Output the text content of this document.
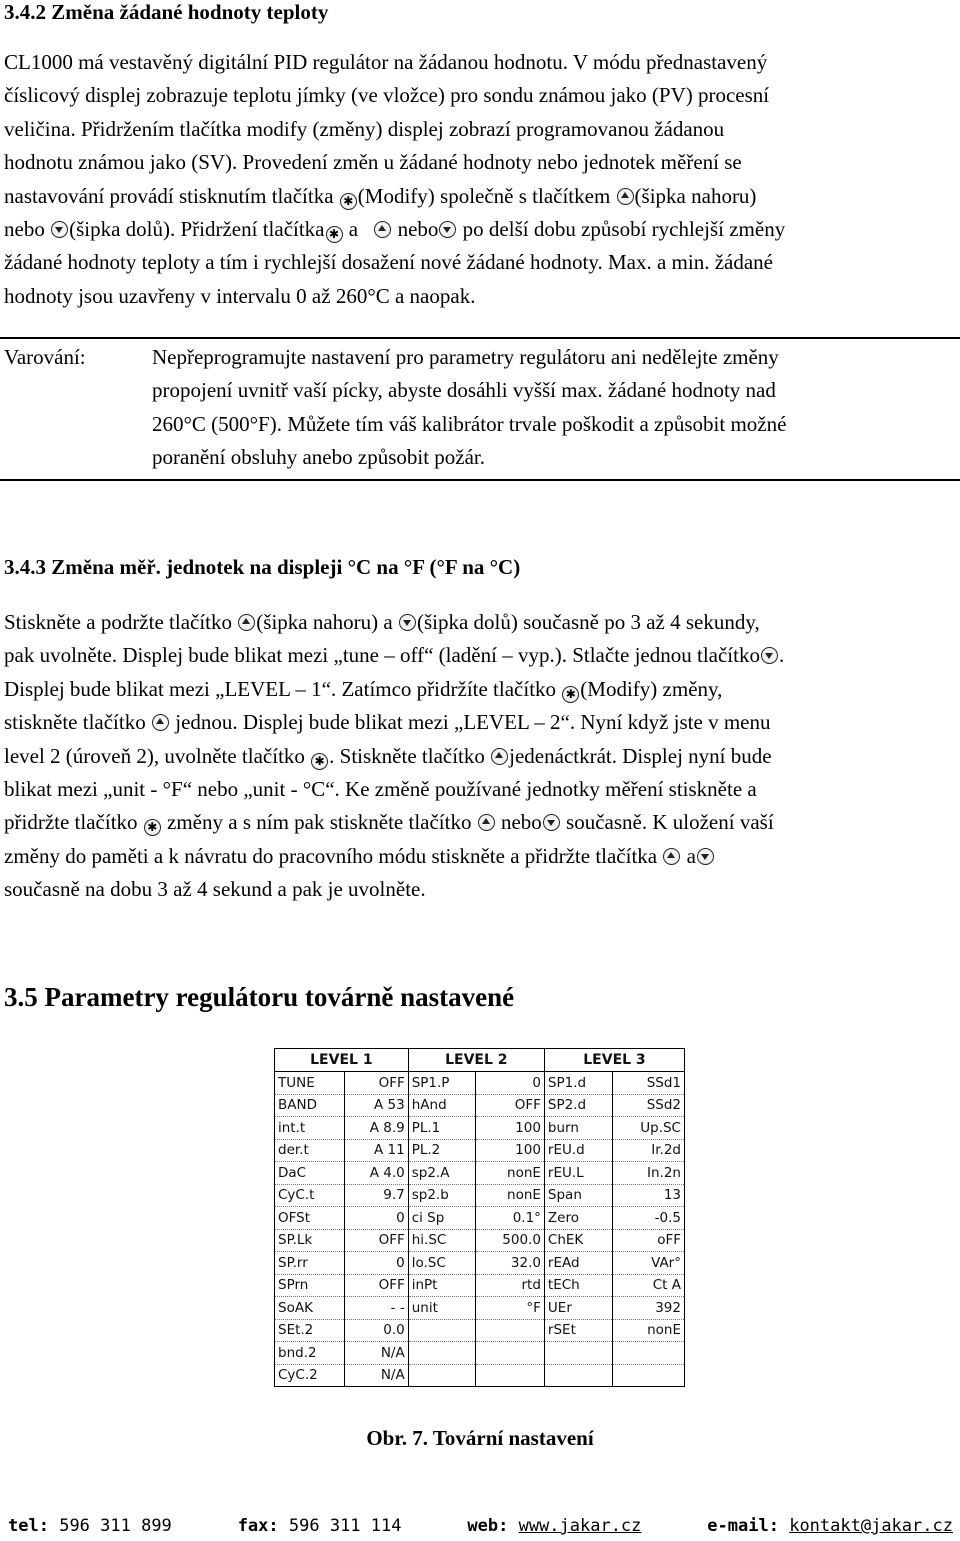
3.4.2 Změna žádané hodnoty teploty
CL1000 má vestavěný digitální PID regulátor na žádanou hodnotu. V módu přednastavený
číslicový displej zobrazuje teplotu jímky (ve vložce) pro sondu známou jako (PV) procesní
veličina. Přidržením tlačítka modify (změny) displej zobrazí programovanou žádanou
hodnotu známou jako (SV). Provedení změn u žádané hodnoty nebo jednotek měření se
nastavování provádí stisknutím tlačítka ✱ (Modify) společně s tlačítkem (šipka nahoru)
nebo (šipka dolů). Přidržení tlačítka ✱ a  nebo po delší dobu způsobí rychlejší změny
žádané hodnoty teploty a tím i rychlejší dosažení nové žádané hodnoty. Max. a min. žádané
hodnoty jsou uzavřeny v intervalu 0 až 260°C a naopak.
Varování:	Nepřeprogramujte nastavení pro parametry regulátoru ani nedělejte změny
propojení uvnitř vaší pícky, abyste dosáhli vyšší max. žádané hodnoty nad
260°C (500°F). Můžete tím váš kalibrátor trvale poškodit a způsobit možné
poranění obsluhy anebo způsobit požár.
3.4.3 Změna měř. jednotek na displeji °C na °F (°F na °C)
Stiskněte a podržte tlačítko (šipka nahoru) a (šipka dolů) současně po 3 až 4 sekundy,
pak uvolněte. Displej bude blikat mezi „tune – off“ (ladění – vyp.). Stlačte jednou tlačítko .
Displej bude blikat mezi „LEVEL – 1“. Zatímco přidržíte tlačítko ✱ (Modify) změny,
stiskněte tlačítko  jednou. Displej bude blikat mezi „LEVEL – 2“. Nyní když jste v menu
level 2 (úroveň 2), uvolněte tlačítko ✱ . Stiskněte tlačítko jedenáctkrát. Displej nyní bude
blikat mezi „unit - °F“ nebo „unit - °C“. Ke změně používané jednotky měření stiskněte a
přidržte tlačítko ✱ změny a s ním pak stiskněte tlačítko  nebo současně. K uložení vaší
změny do paměti a k návratu do pracovního módu stiskněte a přidržte tlačítka  a
současně na dobu 3 až 4 sekund a pak je uvolněte.
3.5 Parametry regulátoru továrně nastavené
LEVEL 1		LEVEL 2		LEVEL 3	
TUNE	OFF	SP1.P	0	SP1.d	SSd1
BAND	A 53	hAnd	OFF	SP2.d	SSd2
int.t	A 8.9	PL.1	100	burn	Up.SC
der.t	A 11	PL.2	100	rEU.d	Ir.2d
DaC	A 4.0	sp2.A	nonE	rEU.L	In.2n
CyC.t	9.7	sp2.b	nonE	Span	13
OFSt	0	ci Sp	0.1°	Zero	-0.5
SP.Lk	OFF	hi.SC	500.0	ChEK	oFF
SP.rr	0	lo.SC	32.0	rEAd	VAr°
SPrn	OFF	inPt	rtd	tECh	Ct A
SoAK	- -	unit	°F	UEr	392
SEt.2	0.0			rSEt	nonE
bnd.2	N/A				
CyC.2	N/A				
Obr. 7. Tovární nastavení
tel: 596 311 899	fax: 596 311 114	web: www.jakar.cz	e-mail: kontakt@jakar.cz
